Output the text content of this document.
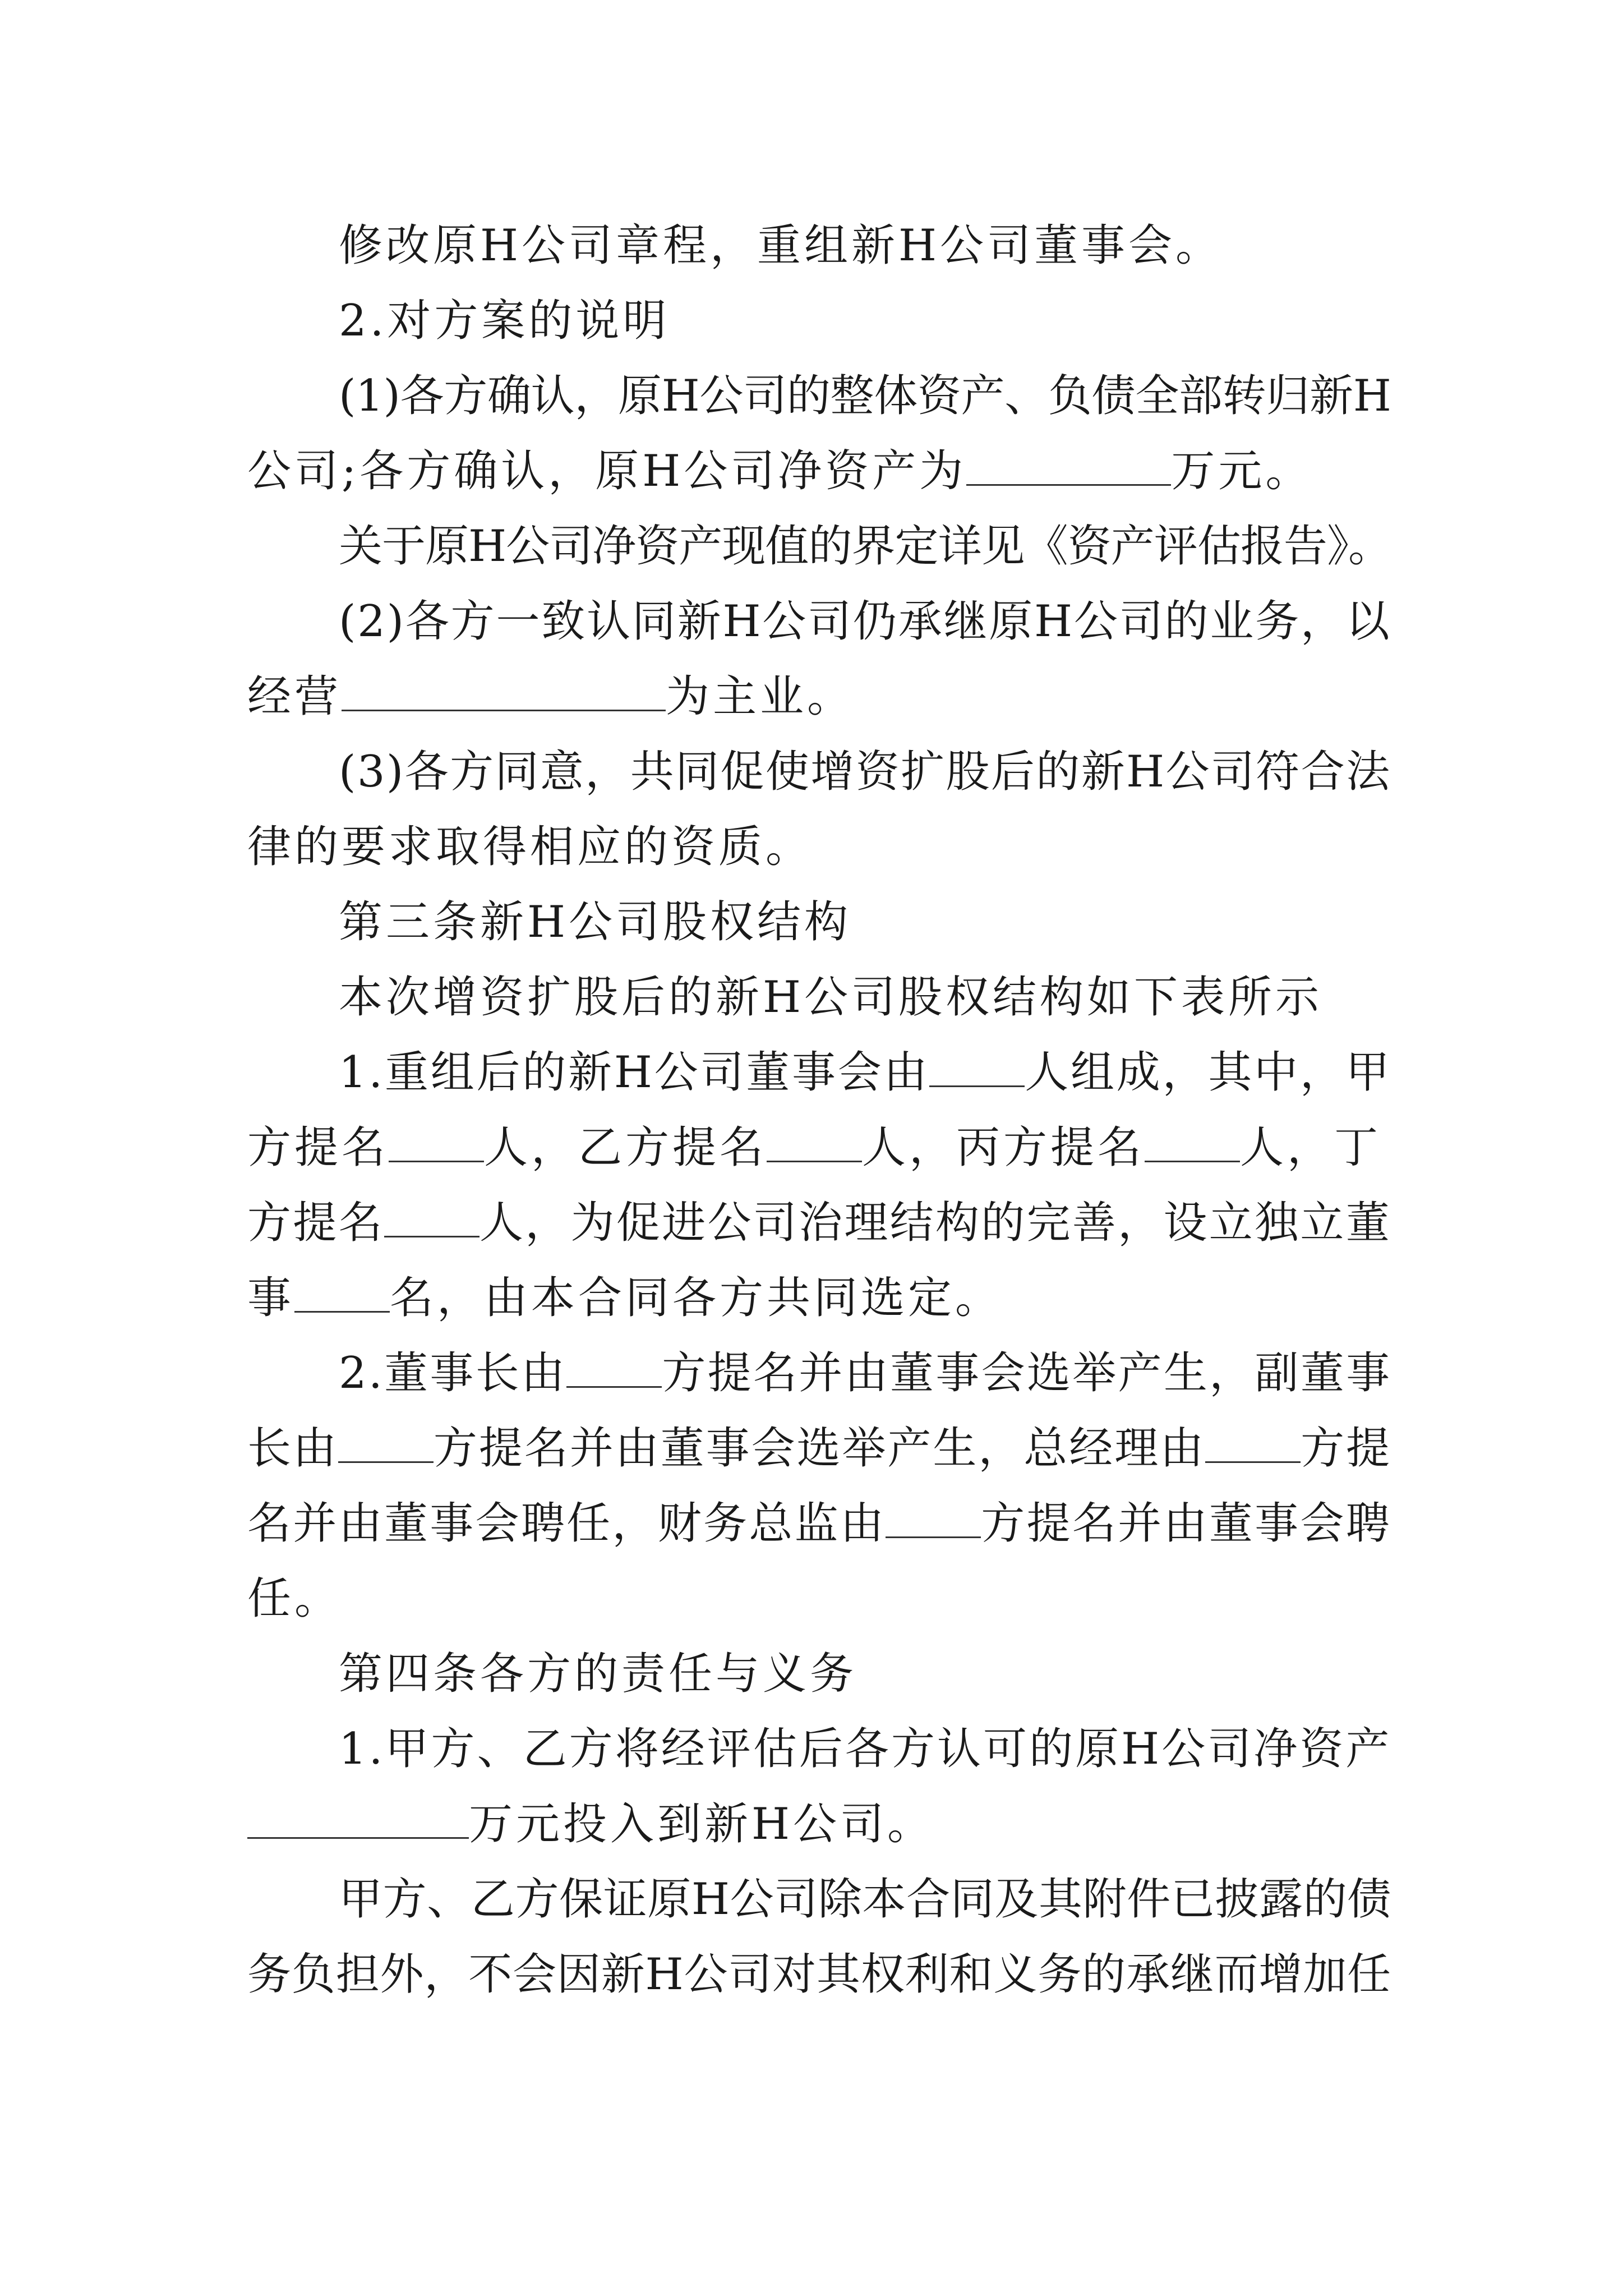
修改原H公司章程，重组新H公司董事会。
2.对方案的说明
(1)各方确认，原H公司的整体资产、负债全部转归新H
公司;各方确认，原H公司净资产为	万元。
关于原H公司净资产现值的界定详见《资产评估报告》。
(2)各方一致认同新H公司仍承继原H公司的业务，以
经营	为主业。
(3)各方同意，共同促使增资扩股后的新H公司符合法
律的要求取得相应的资质。
第三条新H公司股权结构
本次增资扩股后的新H公司股权结构如下表所示
1.重组后的新H公司董事会由 人组成，其中，甲
方提名 人，乙方提名 人，丙方提名 人，丁
方提名 人，为促进公司治理结构的完善，设立独立董
事 名，由本合同各方共同选定。
2.董事长由 方提名并由董事会选举产生，副董事
长由 方提名并由董事会选举产生，总经理由 方提
名并由董事会聘任，财务总监由 方提名并由董事会聘
任。
第四条各方的责任与义务
1.甲方、乙方将经评估后各方认可的原H公司净资产
万元投入到新H公司。
甲方、乙方保证原H公司除本合同及其附件已披露的债
务负担外，不会因新H公司对其权利和义务的承继而增加任
